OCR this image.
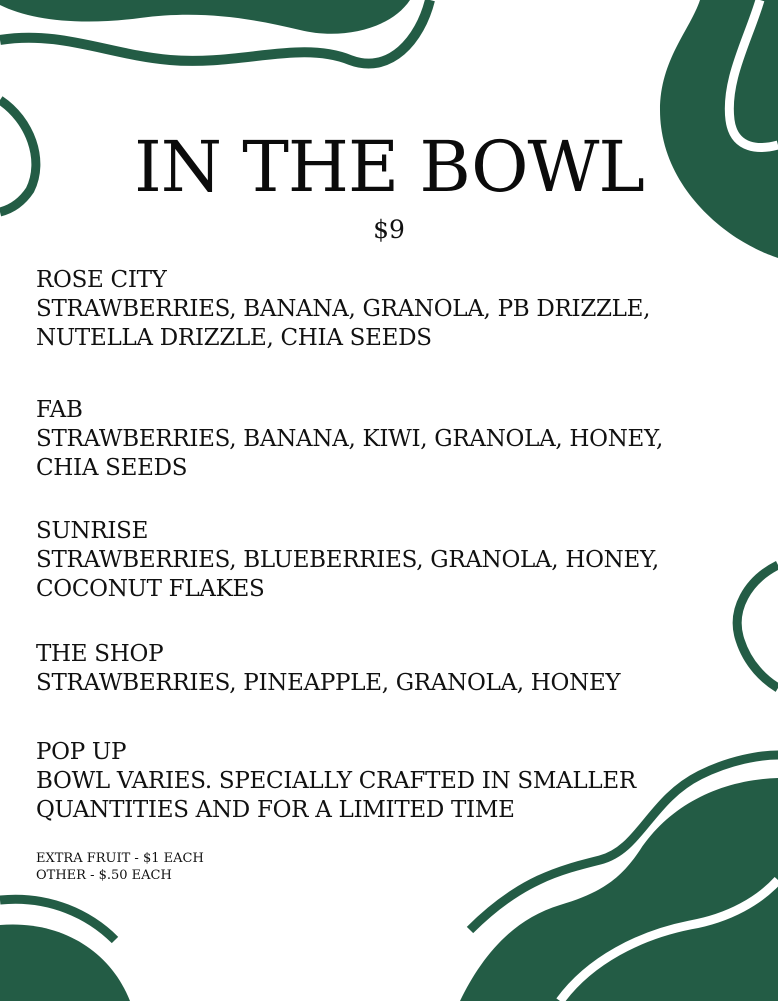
IN THE BOWL
$9
ROSE CITY
STRAWBERRIES, BANANA, GRANOLA, PB DRIZZLE,
NUTELLA DRIZZLE, CHIA SEEDS
FAB
STRAWBERRIES, BANANA, KIWI, GRANOLA, HONEY,
CHIA SEEDS
SUNRISE
STRAWBERRIES, BLUEBERRIES, GRANOLA, HONEY,
COCONUT FLAKES
THE SHOP
STRAWBERRIES, PINEAPPLE, GRANOLA, HONEY
POP UP
BOWL VARIES. SPECIALLY CRAFTED IN SMALLER
QUANTITIES AND FOR A LIMITED TIME
EXTRA FRUIT - $1 EACH
OTHER - $.50 EACH
